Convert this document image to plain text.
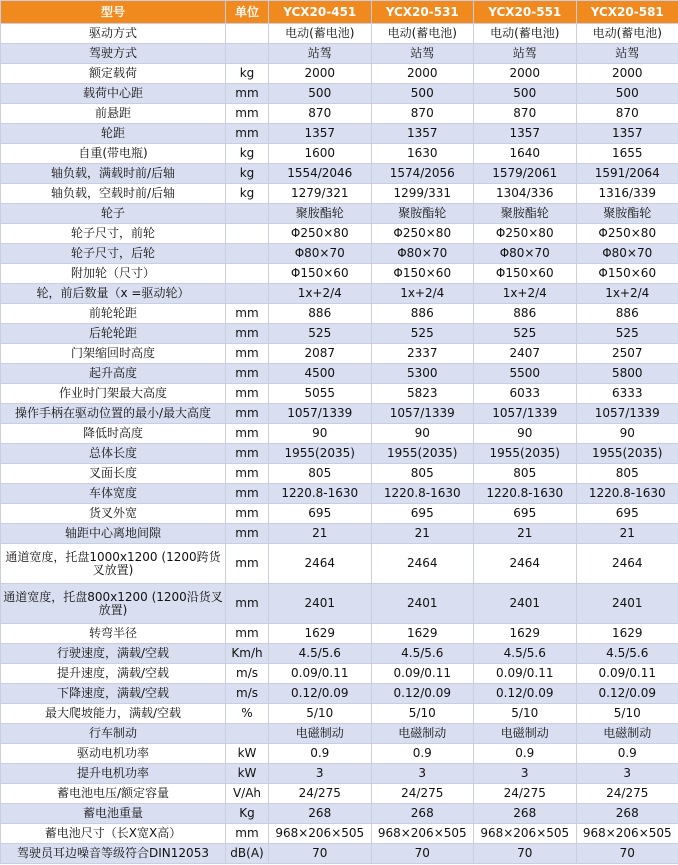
型号	单位	YCX20-451	YCX20-531	YCX20-551	YCX20-581
驱动方式		电动(蓄电池)	电动(蓄电池)	电动(蓄电池)	电动(蓄电池)
驾驶方式		站驾	站驾	站驾	站驾
额定载荷	kg	2000	2000	2000	2000
载荷中心距	mm	500	500	500	500
前悬距	mm	870	870	870	870
轮距	mm	1357	1357	1357	1357
自重(带电瓶)	kg	1600	1630	1640	1655
轴负载，满载时前/后轴	kg	1554/2046	1574/2056	1579/2061	1591/2064
轴负载，空载时前/后轴	kg	1279/321	1299/331	1304/336	1316/339
轮子		聚胺酯轮	聚胺酯轮	聚胺酯轮	聚胺酯轮
轮子尺寸，前轮		Φ250×80	Φ250×80	Φ250×80	Φ250×80
轮子尺寸，后轮		Φ80×70	Φ80×70	Φ80×70	Φ80×70
附加轮（尺寸）		Φ150×60	Φ150×60	Φ150×60	Φ150×60
轮，前后数量（x =驱动轮）		1x+2/4	1x+2/4	1x+2/4	1x+2/4
前轮轮距	mm	886	886	886	886
后轮轮距	mm	525	525	525	525
门架缩回时高度	mm	2087	2337	2407	2507
起升高度	mm	4500	5300	5500	5800
作业时门架最大高度	mm	5055	5823	6033	6333
操作手柄在驱动位置的最小/最大高度	mm	1057/1339	1057/1339	1057/1339	1057/1339
降低时高度	mm	90	90	90	90
总体长度	mm	1955(2035)	1955(2035)	1955(2035)	1955(2035)
叉面长度	mm	805	805	805	805
车体宽度	mm	1220.8-1630	1220.8-1630	1220.8-1630	1220.8-1630
货叉外宽	mm	695	695	695	695
轴距中心离地间隙	mm	21	21	21	21
通道宽度，托盘1000x1200 (1200跨货叉放置)	mm	2464	2464	2464	2464
通道宽度，托盘800x1200 (1200沿货叉放置)	mm	2401	2401	2401	2401
转弯半径	mm	1629	1629	1629	1629
行驶速度，满载/空载	Km/h	4.5/5.6	4.5/5.6	4.5/5.6	4.5/5.6
提升速度，满载/空载	m/s	0.09/0.11	0.09/0.11	0.09/0.11	0.09/0.11
下降速度，满载/空载	m/s	0.12/0.09	0.12/0.09	0.12/0.09	0.12/0.09
最大爬坡能力，满载/空载	%	5/10	5/10	5/10	5/10
行车制动		电磁制动	电磁制动	电磁制动	电磁制动
驱动电机功率	kW	0.9	0.9	0.9	0.9
提升电机功率	kW	3	3	3	3
蓄电池电压/额定容量	V/Ah	24/275	24/275	24/275	24/275
蓄电池重量	Kg	268	268	268	268
蓄电池尺寸（长X宽X高）	mm	968×206×505	968×206×505	968×206×505	968×206×505
驾驶员耳边噪音等级符合DIN12053	dB(A)	70	70	70	70
